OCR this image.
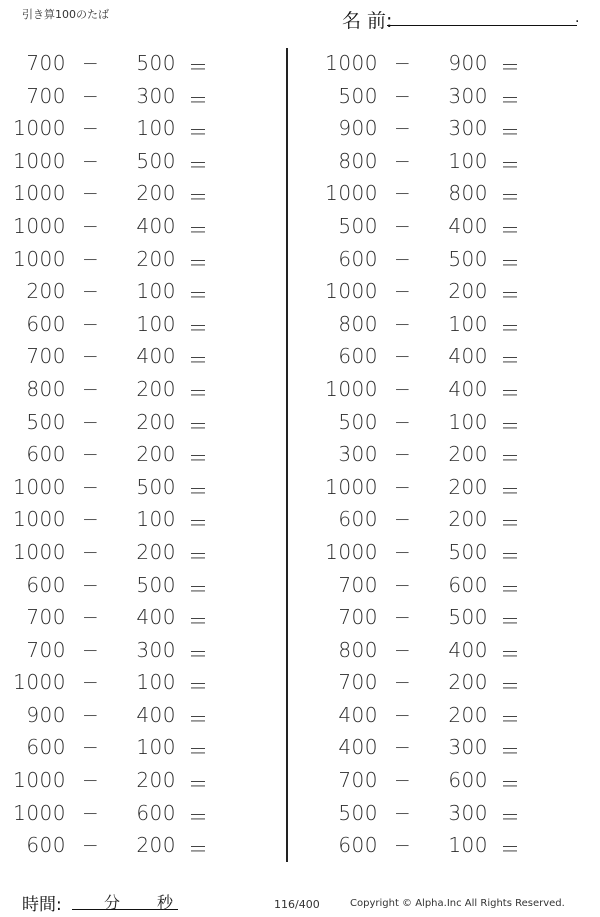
引き算100のたば	名 前:	.
700 −	500 ＝
700 −	300 ＝
1000 −	100 ＝
1000 −	500 ＝
1000 −	200 ＝
1000 −	400 ＝
1000 −	200 ＝
200 −	100 ＝
600 −	100 ＝
700 −	400 ＝
800 −	200 ＝
500 −	200 ＝
600 −	200 ＝
1000 −	500 ＝
1000 −	100 ＝
1000 −	200 ＝
600 −	500 ＝
700 −	400 ＝
700 −	300 ＝
1000 −	100 ＝
900 −	400 ＝
600 −	100 ＝
1000 −	200 ＝
1000 −	600 ＝
600 −	200 ＝
1000 −	900 ＝
500 −	300 ＝
900 −	300 ＝
800 −	100 ＝
1000 −	800 ＝
500 −	400 ＝
600 −	500 ＝
1000 −	200 ＝
800 −	100 ＝
600 −	400 ＝
1000 −	400 ＝
500 −	100 ＝
300 −	200 ＝
1000 −	200 ＝
600 −	200 ＝
1000 −	500 ＝
700 −	600 ＝
700 −	500 ＝
800 −	400 ＝
700 −	200 ＝
400 −	200 ＝
400 −	300 ＝
700 −	600 ＝
500 −	300 ＝
600 −	100 ＝
時間:	分 秒	116/400	Copyright © Alpha.Inc All Rights Reserved.
